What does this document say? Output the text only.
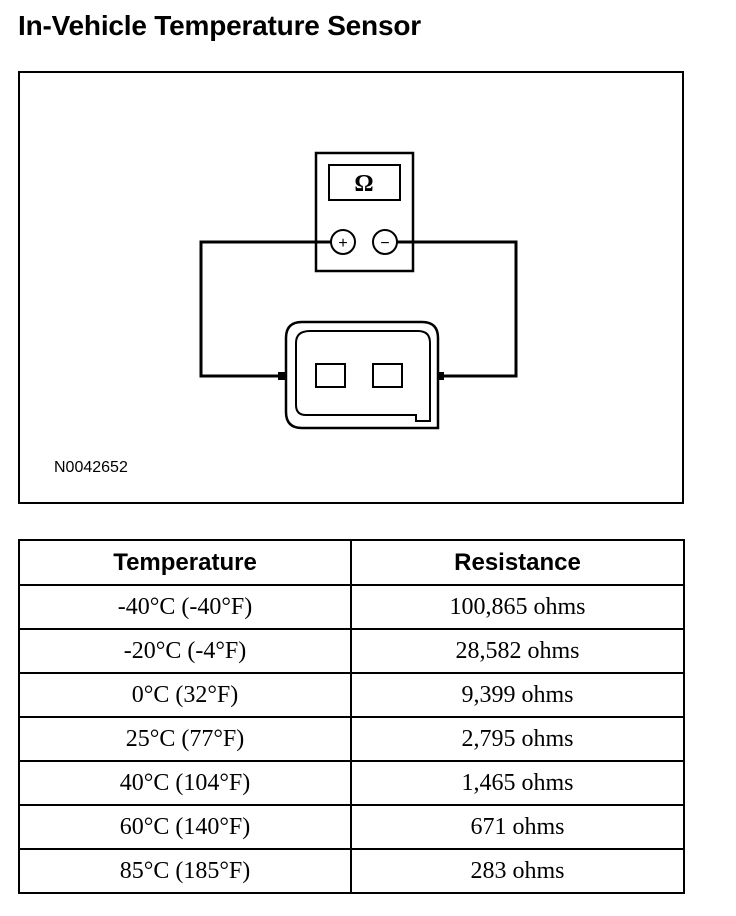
In-Vehicle Temperature Sensor
Ω
+ −
N0042652
Temperature	Resistance
-40°C (-40°F)	100,865 ohms
-20°C (-4°F)	28,582 ohms
0°C (32°F)	9,399 ohms
25°C (77°F)	2,795 ohms
40°C (104°F)	1,465 ohms
60°C (140°F)	671 ohms
85°C (185°F)	283 ohms
